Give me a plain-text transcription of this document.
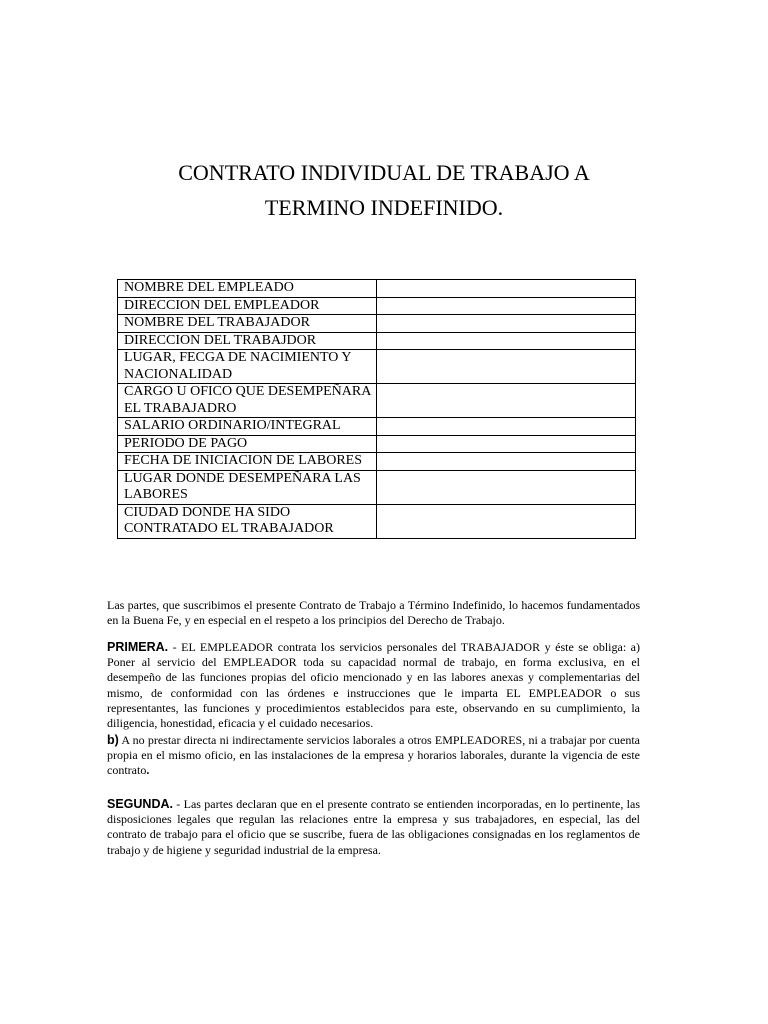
CONTRATO INDIVIDUAL DE TRABAJO A
TERMINO INDEFINIDO.
NOMBRE DEL EMPLEADO	
DIRECCION DEL EMPLEADOR	
NOMBRE DEL TRABAJADOR	
DIRECCION DEL TRABAJDOR	
LUGAR, FECGA DE NACIMIENTO Y NACIONALIDAD	
CARGO U OFICO QUE DESEMPEÑARA EL TRABAJADRO	
SALARIO ORDINARIO/INTEGRAL	
PERIODO DE PAGO	
FECHA DE INICIACION DE LABORES	
LUGAR DONDE DESEMPEÑARA LAS LABORES	
CIUDAD DONDE HA SIDO CONTRATADO EL TRABAJADOR	

Las partes, que suscribimos el presente Contrato de Trabajo a Término Indefinido, lo hacemos fundamentados en la Buena Fe, y en especial en el respeto a los principios del Derecho de Trabajo.

PRIMERA. - EL EMPLEADOR contrata los servicios personales del TRABAJADOR y éste se obliga: a) Poner al servicio del EMPLEADOR toda su capacidad normal de trabajo, en forma exclusiva, en el desempeño de las funciones propias del oficio mencionado y en las labores anexas y complementarias del mismo, de conformidad con las órdenes e instrucciones que le imparta EL EMPLEADOR o sus representantes, las funciones y procedimientos establecidos para este, observando en su cumplimiento, la diligencia, honestidad, eficacia y el cuidado necesarios.

b) A no prestar directa ni indirectamente servicios laborales a otros EMPLEADORES, ni a trabajar por cuenta propia en el mismo oficio, en las instalaciones de la empresa y horarios laborales, durante la vigencia de este contrato.

SEGUNDA. - Las partes declaran que en el presente contrato se entienden incorporadas, en lo pertinente, las disposiciones legales que regulan las relaciones entre la empresa y sus trabajadores, en especial, las del contrato de trabajo para el oficio que se suscribe, fuera de las obligaciones consignadas en los reglamentos de trabajo y de higiene y seguridad industrial de la empresa.
